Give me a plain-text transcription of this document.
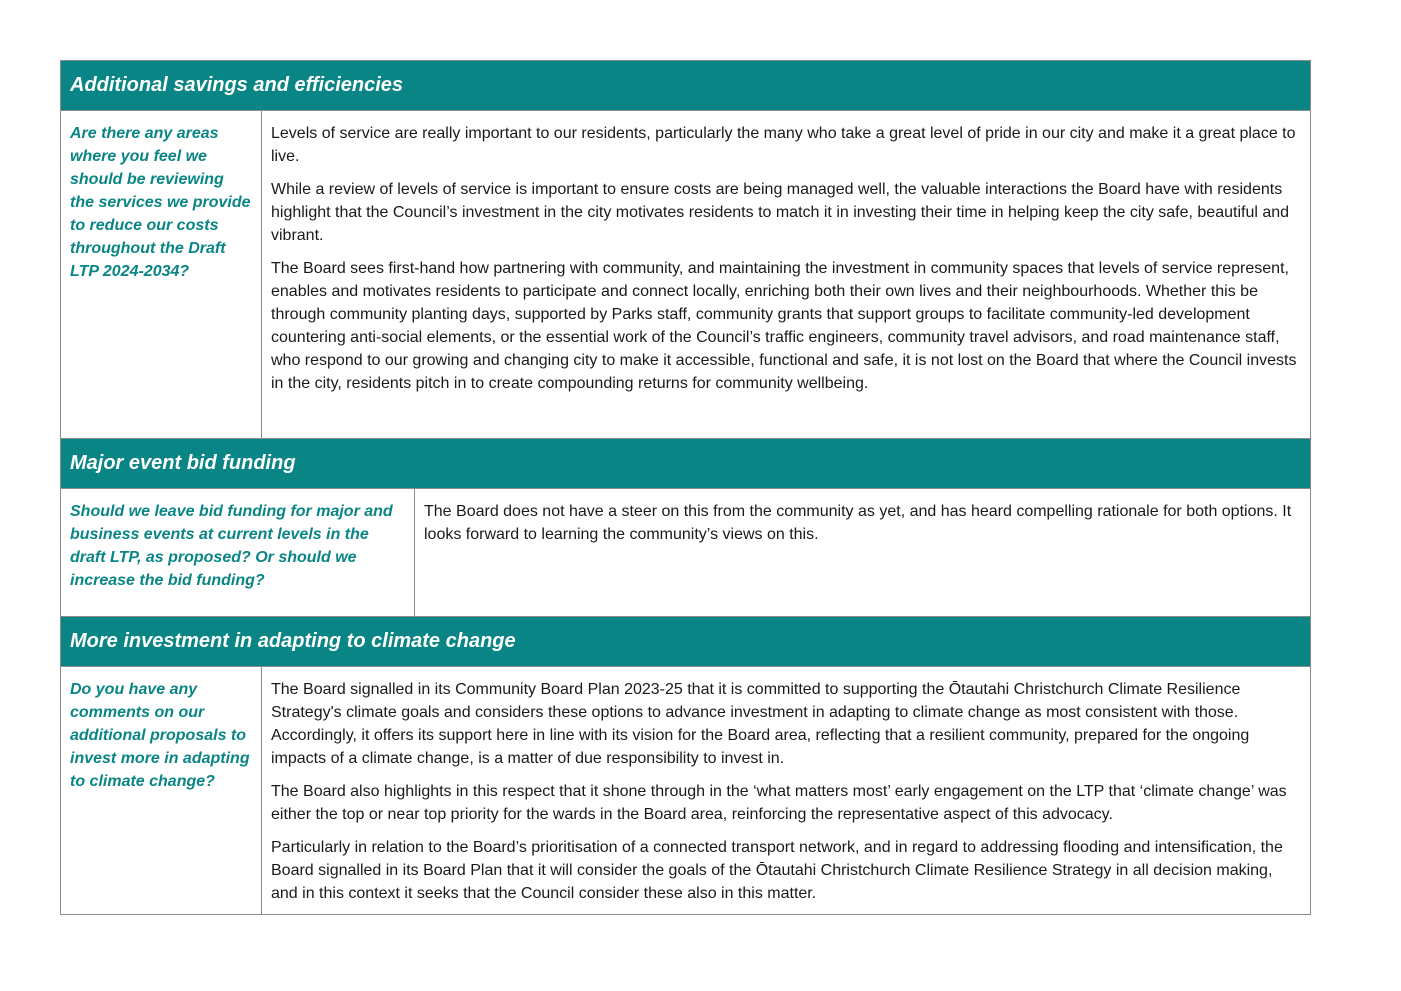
Additional savings and efficiencies
Are there any areas where you feel we should be reviewing the services we provide to reduce our costs throughout the Draft LTP 2024-2034?

Levels of service are really important to our residents, particularly the many who take a great level of pride in our city and make it a great place to live.

While a review of levels of service is important to ensure costs are being managed well, the valuable interactions the Board have with residents highlight that the Council’s investment in the city motivates residents to match it in investing their time in helping keep the city safe, beautiful and vibrant.

The Board sees first-hand how partnering with community, and maintaining the investment in community spaces that levels of service represent, enables and motivates residents to participate and connect locally, enriching both their own lives and their neighbourhoods. Whether this be through community planting days, supported by Parks staff, community grants that support groups to facilitate community-led development countering anti-social elements, or the essential work of the Council’s traffic engineers, community travel advisors, and road maintenance staff, who respond to our growing and changing city to make it accessible, functional and safe, it is not lost on the Board that where the Council invests in the city, residents pitch in to create compounding returns for community wellbeing.

Major event bid funding
Should we leave bid funding for major and business events at current levels in the draft LTP, as proposed? Or should we increase the bid funding?

The Board does not have a steer on this from the community as yet, and has heard compelling rationale for both options. It looks forward to learning the community’s views on this.

More investment in adapting to climate change
Do you have any comments on our additional proposals to invest more in adapting to climate change?

The Board signalled in its Community Board Plan 2023-25 that it is committed to supporting the Ōtautahi Christchurch Climate Resilience Strategy's climate goals and considers these options to advance investment in adapting to climate change as most consistent with those. Accordingly, it offers its support here in line with its vision for the Board area, reflecting that a resilient community, prepared for the ongoing impacts of a climate change, is a matter of due responsibility to invest in.

The Board also highlights in this respect that it shone through in the ‘what matters most’ early engagement on the LTP that ‘climate change’ was either the top or near top priority for the wards in the Board area, reinforcing the representative aspect of this advocacy.

Particularly in relation to the Board’s prioritisation of a connected transport network, and in regard to addressing flooding and intensification, the Board signalled in its Board Plan that it will consider the goals of the Ōtautahi Christchurch Climate Resilience Strategy in all decision making, and in this context it seeks that the Council consider these also in this matter.
